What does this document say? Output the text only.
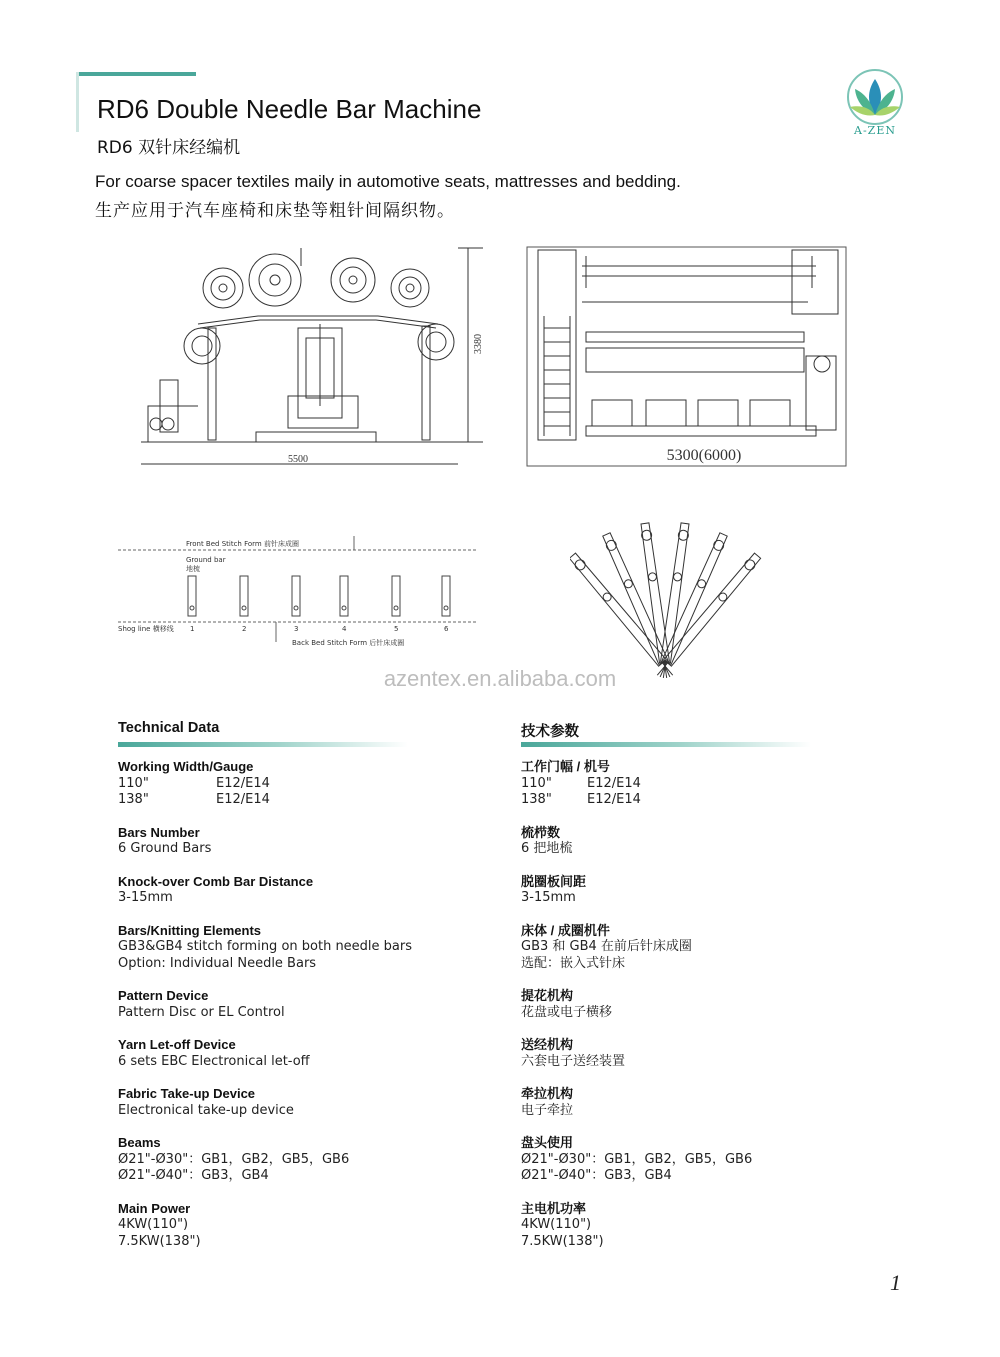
RD6 Double Needle Bar Machine
RD6 双针床经编机
For coarse spacer textiles maily in automotive seats, mattresses and bedding.
生产应用于汽车座椅和床垫等粗针间隔织物。
A-ZEN
5500
3380
5300(6000)
Front Bed Stitch Form 前针床成圈
Ground bar
地梳
Shog line 横移线 1	2	3	4	5	6
Back Bed Stitch Form 后针床成圈
azentex.en.alibaba.com
Technical Data
Working Width/Gauge
110"	E12/E14
138"	E12/E14
Bars Number
6 Ground Bars
Knock-over Comb Bar Distance
3-15mm
Bars/Knitting Elements
GB3&GB4 stitch forming on both needle bars
Option: Individual Needle Bars
Pattern Device
Pattern Disc or EL Control
Yarn Let-off Device
6 sets EBC Electronical let-off
Fabric Take-up Device
Electronical take-up device
Beams
Ø21"-Ø30"：GB1，GB2，GB5，GB6
Ø21"-Ø40"：GB3，GB4
Main Power
4KW(110")
7.5KW(138")
技术参数
工作门幅 / 机号
110"	E12/E14
138"	E12/E14
梳栉数
6 把地梳
脱圈板间距
3-15mm
床体 / 成圈机件
GB3 和 GB4 在前后针床成圈
选配：嵌入式针床
提花机构
花盘或电子横移
送经机构
六套电子送经装置
牵拉机构
电子牵拉
盘头使用
Ø21"-Ø30"：GB1，GB2，GB5，GB6
Ø21"-Ø40"：GB3，GB4
主电机功率
4KW(110")
7.5KW(138")
1
